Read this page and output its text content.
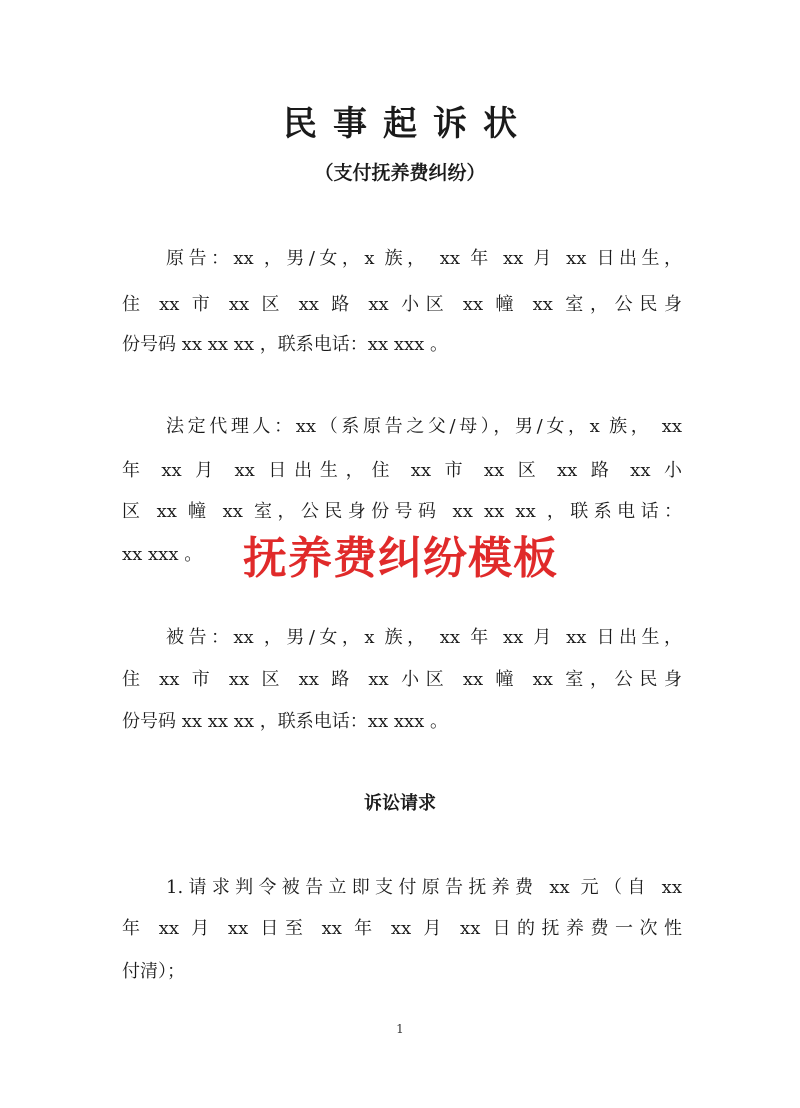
民事起诉状
（支付抚养费纠纷）
原告：xx ，男/女，x 族， xx 年 xx 月 xx 日出生，
住 xx 市 xx 区 xx 路 xx 小区 xx 幢 xx 室，公民身
份号码 xx xx xx ，联系电话：xx xxx 。
法定代理人：xx（系原告之父/母），男/女，x 族， xx
年 xx 月 xx 日出生，住 xx 市 xx 区 xx 路 xx 小
区 xx 幢 xx 室，公民身份号码 xx xx xx ，联系电话：
xx xxx 。
被告：xx ，男/女，x 族， xx 年 xx 月 xx 日出生，
住 xx 市 xx 区 xx 路 xx 小区 xx 幢 xx 室，公民身
份号码 xx xx xx ，联系电话：xx xxx 。
诉讼请求
1.请求判令被告立即支付原告抚养费 xx 元（自 xx
年 xx 月 xx 日至 xx 年 xx 月 xx 日的抚养费一次性
付清）；
抚养费纠纷模板
1
